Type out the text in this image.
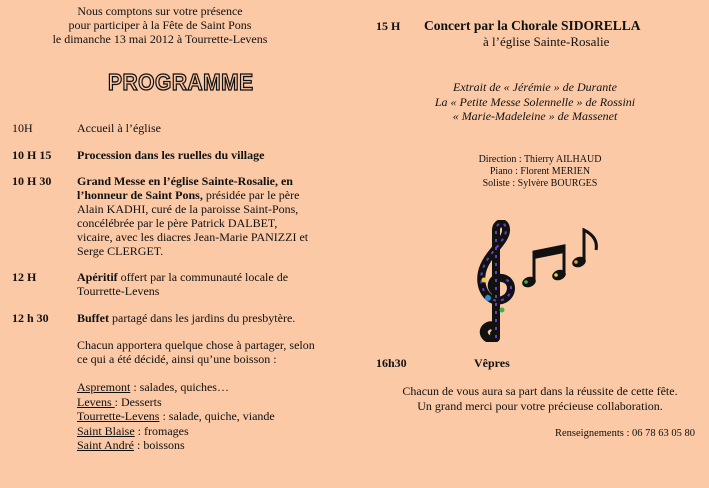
Nous comptons sur votre présence
pour participer à la Fête de Saint Pons
le dimanche 13 mai 2012 à Tourrette-Levens
PROGRAMME
10H	Accueil à l’église
10 H 15 Procession dans les ruelles du village
10 H 30 Grand Messe en l’église Sainte-Rosalie, en l’honneur de Saint Pons, présidée par le père Alain KADHI, curé de la paroisse Saint-Pons, concélébrée par le père Patrick DALBET, vicaire, avec les diacres Jean-Marie PANIZZI et Serge CLERGET.
12 H	Apéritif offert par la communauté locale de Tourrette-Levens
12 h 30 Buffet partagé dans les jardins du presbytère.
Chacun apportera quelque chose à partager, selon ce qui a été décidé, ainsi qu’une boisson :
Aspremont : salades, quiches…
Levens : Desserts
Tourrette-Levens : salade, quiche, viande
Saint Blaise : fromages
Saint André : boissons
15 H Concert par la Chorale SIDORELLA
à l’église Sainte-Rosalie
Extrait de « Jérémie » de Durante
La « Petite Messe Solennelle » de Rossini
« Marie-Madeleine » de Massenet
Direction : Thierry AILHAUD
Piano : Florent MERIEN
Soliste : Sylvère BOURGES
16h30	Vêpres
Chacun de vous aura sa part dans la réussite de cette fête.
Un grand merci pour votre précieuse collaboration.
Renseignements : 06 78 63 05 80
